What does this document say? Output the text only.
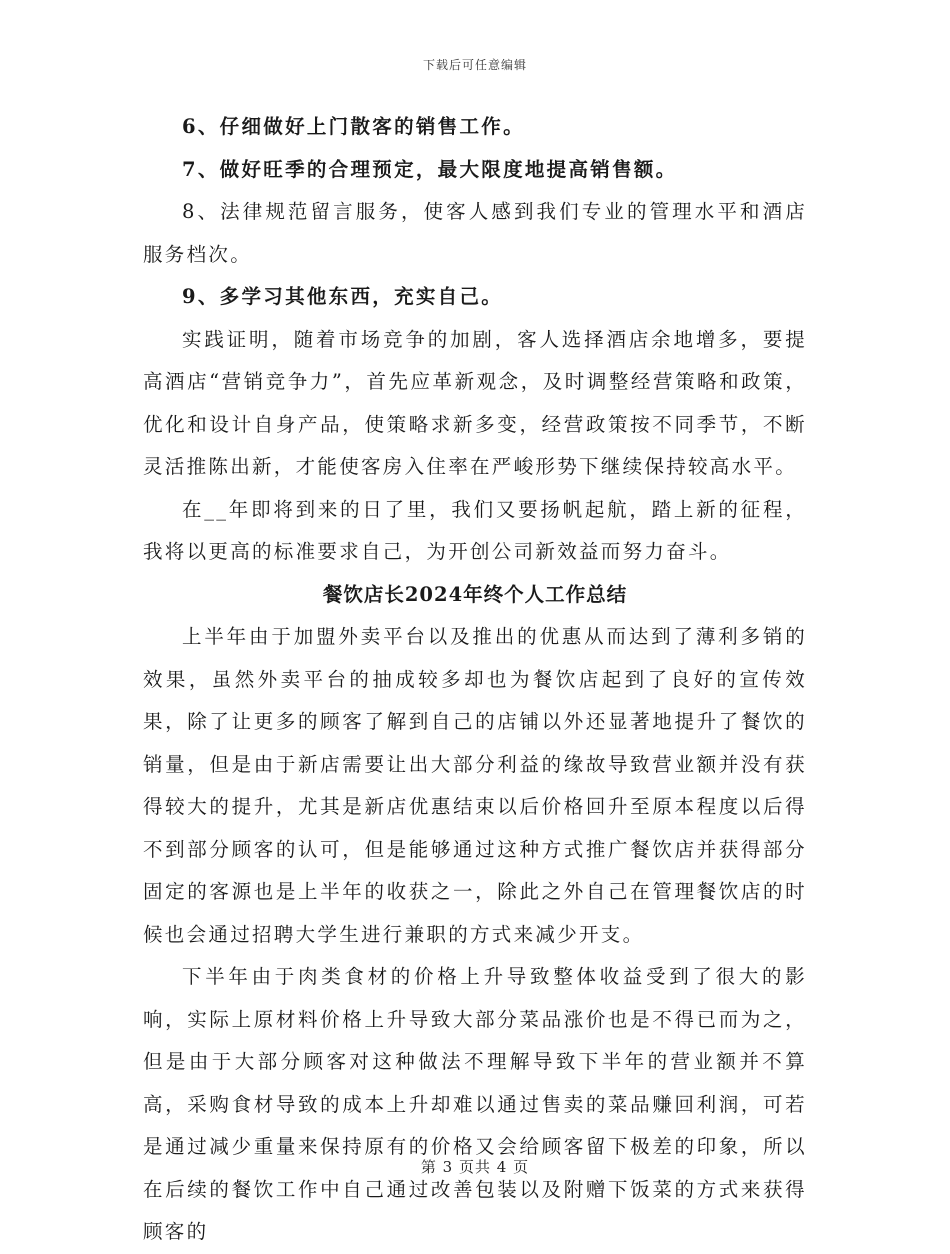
下载后可任意编辑

6、仔细做好上门散客的销售工作。

7、做好旺季的合理预定，最大限度地提高销售额。

8、法律规范留言服务，使客人感到我们专业的管理水平和酒店服务档次。

9、多学习其他东西，充实自己。

实践证明，随着市场竞争的加剧，客人选择酒店余地增多，要提高酒店“营销竞争力”，首先应革新观念，及时调整经营策略和政策，优化和设计自身产品，使策略求新多变，经营政策按不同季节，不断灵活推陈出新，才能使客房入住率在严峻形势下继续保持较高水平。

在__年即将到来的日了里，我们又要扬帆起航，踏上新的征程，我将以更高的标准要求自己，为开创公司新效益而努力奋斗。

餐饮店长2024年终个人工作总结

上半年由于加盟外卖平台以及推出的优惠从而达到了薄利多销的效果，虽然外卖平台的抽成较多却也为餐饮店起到了良好的宣传效果，除了让更多的顾客了解到自己的店铺以外还显著地提升了餐饮的销量，但是由于新店需要让出大部分利益的缘故导致营业额并没有获得较大的提升，尤其是新店优惠结束以后价格回升至原本程度以后得不到部分顾客的认可，但是能够通过这种方式推广餐饮店并获得部分固定的客源也是上半年的收获之一，除此之外自己在管理餐饮店的时候也会通过招聘大学生进行兼职的方式来减少开支。

下半年由于肉类食材的价格上升导致整体收益受到了很大的影响，实际上原材料价格上升导致大部分菜品涨价也是不得已而为之，但是由于大部分顾客对这种做法不理解导致下半年的营业额并不算高，采购食材导致的成本上升却难以通过售卖的菜品赚回利润，可若是通过减少重量来保持原有的价格又会给顾客留下极差的印象，所以在后续的餐饮工作中自己通过改善包装以及附赠下饭菜的方式来获得顾客的

第 3 页共 4 页
